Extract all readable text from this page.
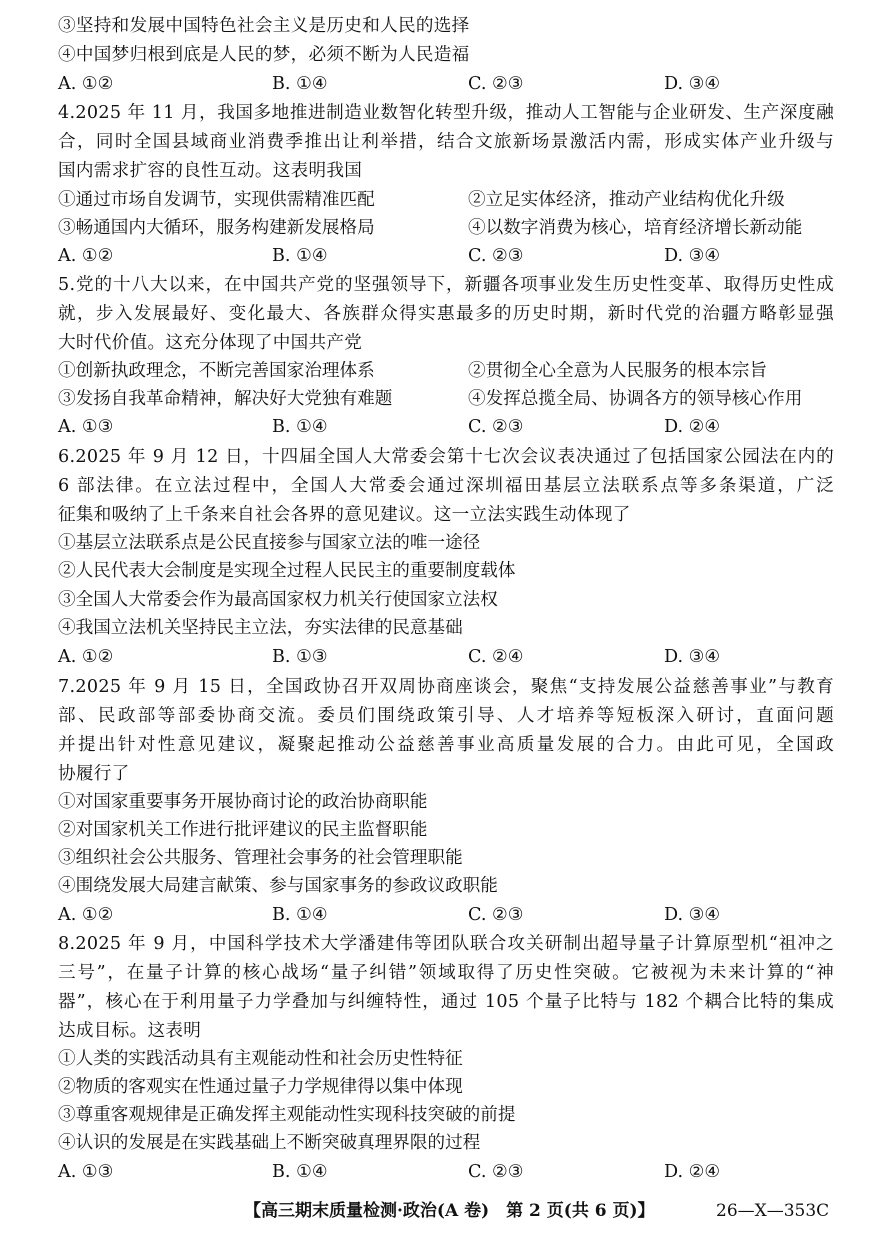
③坚持和发展中国特色社会主义是历史和人民的选择
④中国梦归根到底是人民的梦，必须不断为人民造福
A. ①②	B. ①④	C. ②③	D. ③④
4.2025 年 11 月，我国多地推进制造业数智化转型升级，推动人工智能与企业研发、生产深度融
合，同时全国县域商业消费季推出让利举措，结合文旅新场景激活内需，形成实体产业升级与
国内需求扩容的良性互动。这表明我国
①通过市场自发调节，实现供需精准匹配	②立足实体经济，推动产业结构优化升级
③畅通国内大循环，服务构建新发展格局	④以数字消费为核心，培育经济增长新动能
A. ①②	B. ①④	C. ②③	D. ③④
5.党的十八大以来，在中国共产党的坚强领导下，新疆各项事业发生历史性变革、取得历史性成
就，步入发展最好、变化最大、各族群众得实惠最多的历史时期，新时代党的治疆方略彰显强
大时代价值。这充分体现了中国共产党
①创新执政理念，不断完善国家治理体系	②贯彻全心全意为人民服务的根本宗旨
③发扬自我革命精神，解决好大党独有难题	④发挥总揽全局、协调各方的领导核心作用
A. ①③	B. ①④	C. ②③	D. ②④
6.2025 年 9 月 12 日，十四届全国人大常委会第十七次会议表决通过了包括国家公园法在内的
6 部法律。在立法过程中，全国人大常委会通过深圳福田基层立法联系点等多条渠道，广泛
征集和吸纳了上千条来自社会各界的意见建议。这一立法实践生动体现了
①基层立法联系点是公民直接参与国家立法的唯一途径
②人民代表大会制度是实现全过程人民民主的重要制度载体
③全国人大常委会作为最高国家权力机关行使国家立法权
④我国立法机关坚持民主立法，夯实法律的民意基础
A. ①②	B. ①③	C. ②④	D. ③④
7.2025 年 9 月 15 日，全国政协召开双周协商座谈会，聚焦“支持发展公益慈善事业”与教育
部、民政部等部委协商交流。委员们围绕政策引导、人才培养等短板深入研讨，直面问题
并提出针对性意见建议，凝聚起推动公益慈善事业高质量发展的合力。由此可见，全国政
协履行了
①对国家重要事务开展协商讨论的政治协商职能
②对国家机关工作进行批评建议的民主监督职能
③组织社会公共服务、管理社会事务的社会管理职能
④围绕发展大局建言献策、参与国家事务的参政议政职能
A. ①②	B. ①④	C. ②③	D. ③④
8.2025 年 9 月，中国科学技术大学潘建伟等团队联合攻关研制出超导量子计算原型机“祖冲之
三号”，在量子计算的核心战场“量子纠错”领域取得了历史性突破。它被视为未来计算的“神
器”，核心在于利用量子力学叠加与纠缠特性，通过 105 个量子比特与 182 个耦合比特的集成
达成目标。这表明
①人类的实践活动具有主观能动性和社会历史性特征
②物质的客观实在性通过量子力学规律得以集中体现
③尊重客观规律是正确发挥主观能动性实现科技突破的前提
④认识的发展是在实践基础上不断突破真理界限的过程
A. ①③	B. ①④	C. ②③	D. ②④
【高三期末质量检测·政治(A 卷)　第 2 页(共 6 页)】	26—X—353C
